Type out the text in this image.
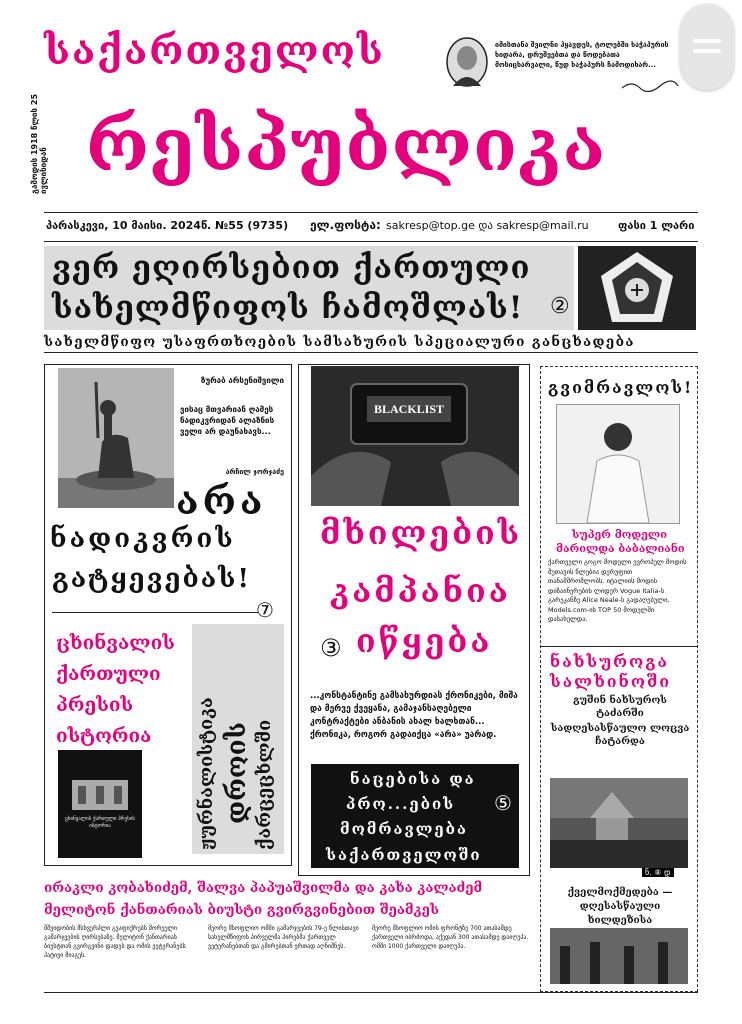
საქართველოს
გამოდის 1918 წლის 25 ივლისიდან რესპუბლიკა
იმისთანა შვილნი ჰყავდეს, ტოლებში ხაჭაპურის ხიდარა, დრუშეებთა და წოდებათა მოსიცხარვალი, წუდ ხაჭაპურს ჩამოდიხარ...
პარასკევი, 10 მაისი. 2024წ. №55 (9735) ელ.ფოსტა: sakresp@top.ge და sakresp@mail.ru	ფასი 1 ლარი
ვერ ეღირსებით ქართული
სახელმწიფოს ჩამოშლას! ②
სახელმწიფო უსაფრთხოების სამსახურის სპეციალური განცხადება
ზურაბ არსენიშვილი
ვისაც მთვარიან ღამეს ნადიკვრიდან ალაზნის ველი არ დაუნახავს...
არჩილ ჯორჯაძე
არა
ნადიკვრის
გატყევებას!
⑦
ცხინვალის ქართული პრესის ისტორია	ჟურნალისტიკა დროის ქარცეცხლში
ცხინვალის ქართული პრესის ისტორია
BLACKLIST
მხილების
კამპანია
③ იწყება
...კონსტანტინე გამსახურდიას ქრონიკები, მიშა და მერვე ქვეყანა, გამაჯანსაღებელი კონტრაქტები ანბანის ახალ ხალხთან... ქრონიკა, როგორ გადაიქცა «არა» უარად.
ნაცებისა და
პრო...ების ⑤
მომრავლება
საქართველოში
გვიმრავლოს!
სუპერ მოდელი
მარილდა ბაბალიანი
ქართველი გოგო მოდელი ევროპულ მოდის შუთავის წლებია დერუფით თანამშრომლობს. იტალიის მოდის დიზაინერების ლიდერ Vogue Italia-ს გარეკანზე Alice Neale-ს გადაღებული, Models.com-ის TOP 50 მოდელში დასახელდა.
ნახსუროგა
სალხინოში
გუშინ ნახსუროს ტაძარში
სადღესასწაულო ლოცვა ჩატარდა
ნ. ⑧ დ
ქველმოქმედება — დღესასწაული ხილდეზისა
ირაკლი კობახიძემ, შალვა პაპუაშვილმა და კახა კალაძემ
მელიტონ ქანთარიას ბიუსტი გვირგვინებით შეამკეს
მშვიდობის მსხვერპლი გვაფიქრებს შორეული გამარჯვების ღირსებაზე. მელიტონ ქანთარიას ბიუსტთან გვირგვინი დადეს და ომის ვეტერანებს პატივი მიაგეს.
მეორე მსოფლიო ომში გამარჯვების 79-ე წლისთავი სახელმწიფოს პირველმა პირებმა ქართველ ვეტერანებთან და გმირებთან ერთად აღნიშნეს.
მეორე მსოფლიო ომის ფრონტზე 700 ათასამდე ქართველი იბრძოდა, აქედან 300 ათასამდე დაიღუპა. ომში 1000 ქართველი დაიღუპა.
